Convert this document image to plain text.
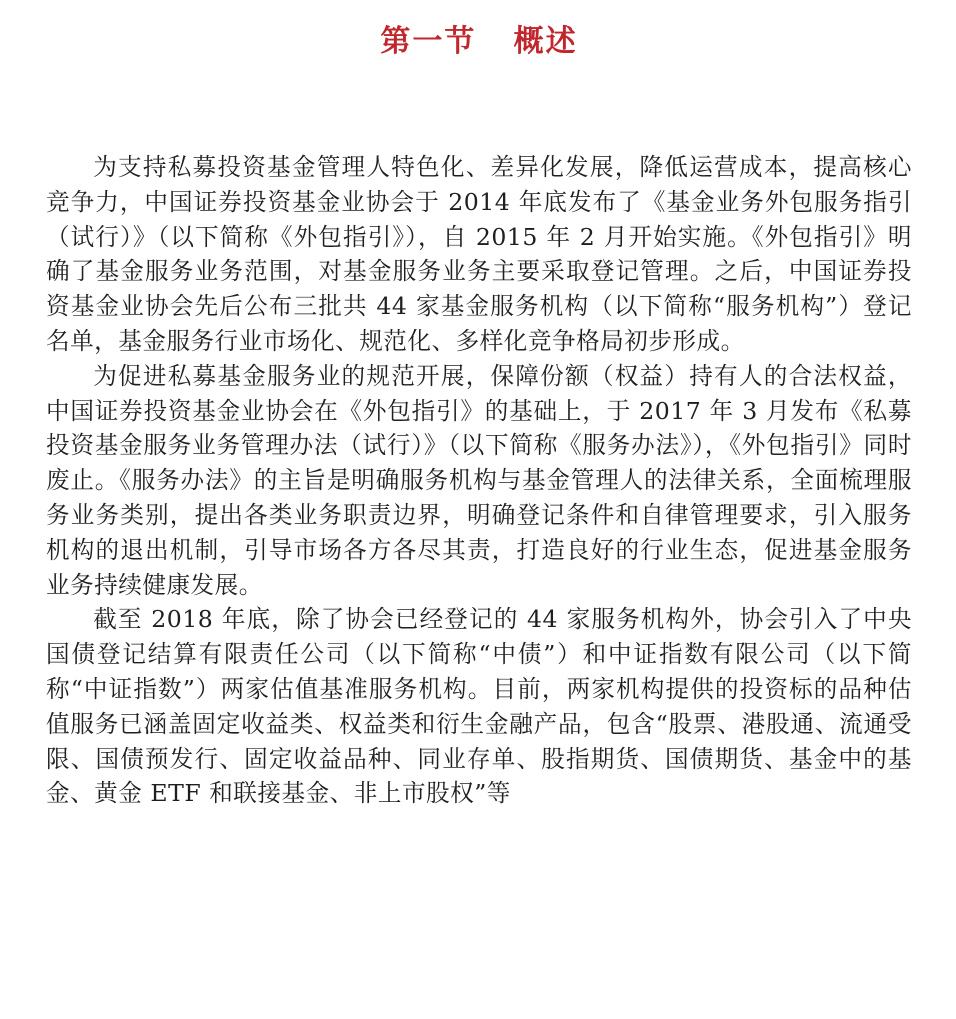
第一节   概述

为支持私募投资基金管理人特色化、差异化发展，降低运营成本，提高核心竞争力，中国证券投资基金业协会于 2014 年底发布了《基金业务外包服务指引（试行）》（以下简称《外包指引》），自 2015 年 2 月开始实施。《外包指引》明确了基金服务业务范围，对基金服务业务主要采取登记管理。之后，中国证券投资基金业协会先后公布三批共 44 家基金服务机构（以下简称“服务机构”）登记名单，基金服务行业市场化、规范化、多样化竞争格局初步形成。

为促进私募基金服务业的规范开展，保障份额（权益）持有人的合法权益，中国证券投资基金业协会在《外包指引》的基础上，于 2017 年 3 月发布《私募投资基金服务业务管理办法（试行）》（以下简称《服务办法》），《外包指引》同时废止。《服务办法》的主旨是明确服务机构与基金管理人的法律关系，全面梳理服务业务类别，提出各类业务职责边界，明确登记条件和自律管理要求，引入服务机构的退出机制，引导市场各方各尽其责，打造良好的行业生态，促进基金服务业务持续健康发展。

截至 2018 年底，除了协会已经登记的 44 家服务机构外，协会引入了中央国债登记结算有限责任公司（以下简称“中债”）和中证指数有限公司（以下简称“中证指数”）两家估值基准服务机构。目前，两家机构提供的投资标的品种估值服务已涵盖固定收益类、权益类和衍生金融产品，包含“股票、港股通、流通受限、国债预发行、固定收益品种、同业存单、股指期货、国债期货、基金中的基金、黄金 ETF 和联接基金、非上市股权”等
